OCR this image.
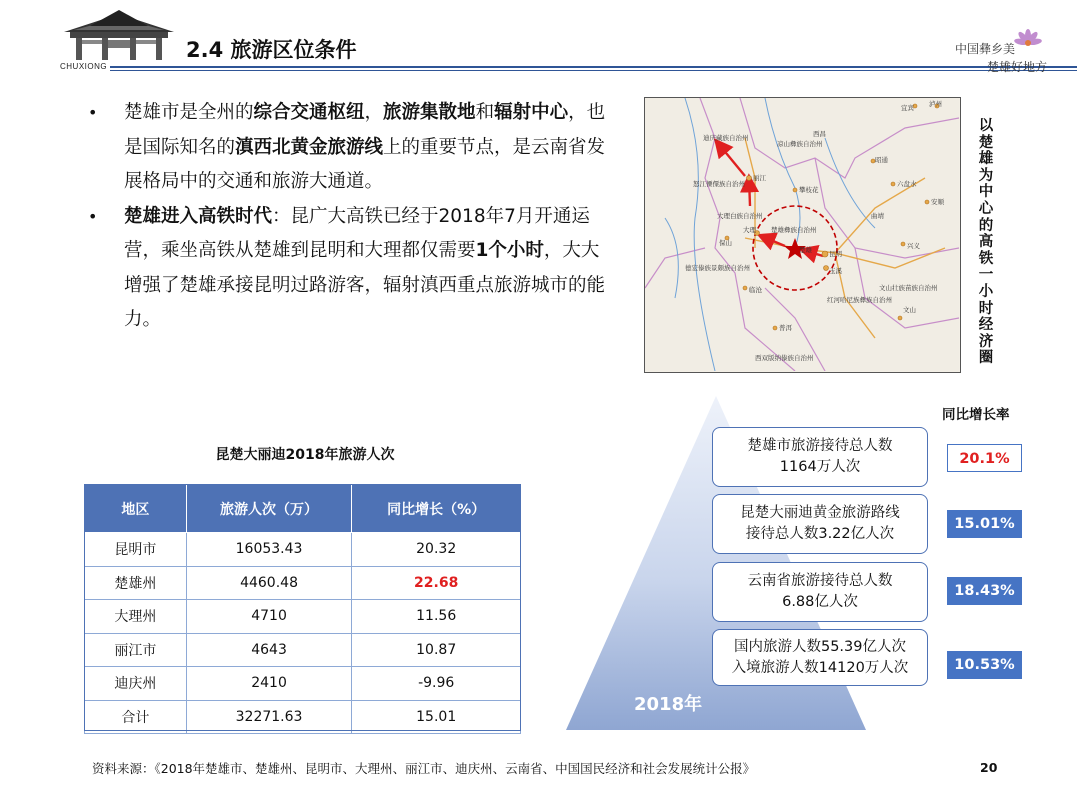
CHUXIONG
2.4 旅游区位条件	中国彝乡美
楚雄好地方
•	楚雄市是全州的综合交通枢纽，旅游集散地和辐射中心，也是国际知名的滇西北黄金旅游线上的重要节点，是云南省发展格局中的交通和旅游大通道。
•	楚雄进入高铁时代：昆广大高铁已经于2018年7月开通运营，乘坐高铁从楚雄到昆明和大理都仅需要1个小时，大大增强了楚雄承接昆明过路游客，辐射滇西重点旅游城市的能力。
宜宾 泸州
迪庆藏族自治州
凉山彝族自治州
西昌
昭通
怒江傈僳族自治州
丽江
攀枝花
曲靖
六盘水
安顺
大理白族自治州
大理 楚雄彝族自治州
楚雄	昆明
保山
玉溪
兴义
德宏傣族景颇族自治州
临沧
红河哈尼族彝族自治州
文山壮族苗族自治州
文山
普洱
西双版纳傣族自治州
以楚雄为中心的高铁一小时经济圈
昆楚大丽迪2018年旅游人次
地区	旅游人次（万）	同比增长（%）
昆明市	16053.43	20.32
楚雄州	4460.48	22.68
大理州	4710	11.56
丽江市	4643	10.87
迪庆州	2410	-9.96
合计	32271.63	15.01
2018年
同比增长率
楚雄市旅游接待总人数
1164万人次	20.1%
昆楚大丽迪黄金旅游路线
接待总人数3.22亿人次
15.01%
云南省旅游接待总人数
6.88亿人次
18.43%
国内旅游人数55.39亿人次
入境旅游人数14120万人次	10.53%
资料来源：《2018年楚雄市、楚雄州、昆明市、大理州、丽江市、迪庆州、云南省、中国国民经济和社会发展统计公报》	20
